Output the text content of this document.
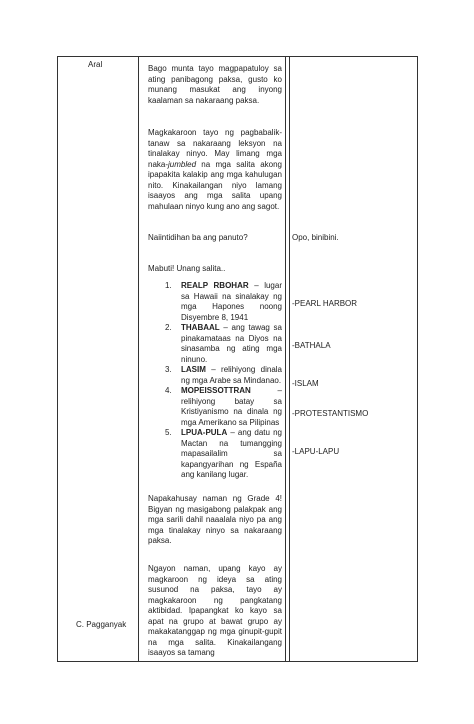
Aral
C. Pagganyak
Bago munta tayo magpapatuloy sa ating panibagong paksa, gusto ko munang masukat ang inyong kaalaman sa nakaraang paksa.
Magkakaroon tayo ng pagbabalik-tanaw sa nakaraang leksyon na tinalakay ninyo. May limang mga naka-jumbled na mga salita akong ipapakita kalakip ang mga kahulugan nito. Kinakailangan niyo lamang isaayos ang mga salita upang mahulaan ninyo kung ano ang sagot.
Naiintidihan ba ang panuto?
Mabuti! Unang salita..
1. REALP RBOHAR – lugar sa Hawaii na sinalakay ng mga Hapones noong Disyembre 8, 1941
2. THABAAL – ang tawag sa pinakamataas na Diyos na sinasamba ng ating mga ninuno.
3. LASIM – relihiyong dinala ng mga Arabe sa Mindanao.
4. MOPEISSOTTRAN – relihiyong batay sa Kristiyanismo na dinala ng mga Amerikano sa Pilipinas
5. LPUA-PULA – ang datu ng Mactan na tumangging mapasailalim sa kapangyarihan ng España ang kanilang lugar.
Napakahusay naman ng Grade 4! Bigyan ng masigabong palakpak ang mga sarili dahil naaalala niyo pa ang mga tinalakay ninyo sa nakaraang paksa.
Ngayon naman, upang kayo ay magkaroon ng ideya sa ating susunod na paksa, tayo ay magkakaroon ng pangkatang aktibidad. Ipapangkat ko kayo sa apat na grupo at bawat grupo ay makakatanggap ng mga ginupit-gupit na mga salita. Kinakailangang isaayos sa tamang
Opo, binibini.
-PEARL HARBOR
-BATHALA
-ISLAM
-PROTESTANTISMO
-LAPU-LAPU
